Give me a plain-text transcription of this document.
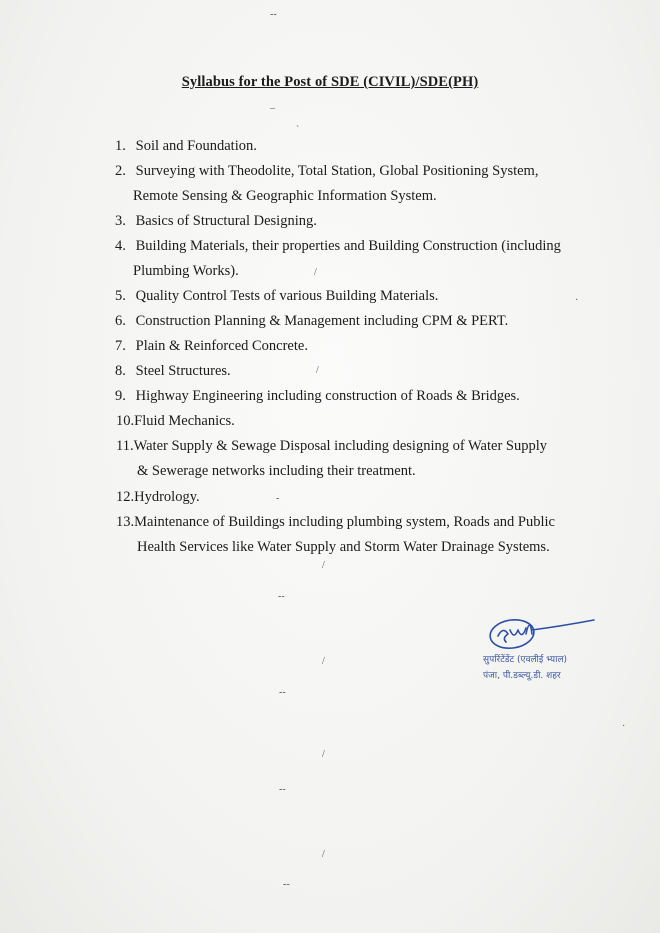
Syllabus for the Post of SDE (CIVIL)/SDE(PH)
1. Soil and Foundation.
2. Surveying with Theodolite, Total Station, Global Positioning System,
Remote Sensing & Geographic Information System.
3. Basics of Structural Designing.
4. Building Materials, their properties and Building Construction (including
Plumbing Works).
5. Quality Control Tests of various Building Materials.
6. Construction Planning & Management including CPM & PERT.
7. Plain & Reinforced Concrete.
8. Steel Structures.
9. Highway Engineering including construction of Roads & Bridges.
10.Fluid Mechanics.
11.Water Supply & Sewage Disposal including designing of Water Supply
& Sewerage networks including their treatment.
12.Hydrology.
13.Maintenance of Buildings including plumbing system, Roads and Public
Health Services like Water Supply and Storm Water Drainage Systems.
--
–
`
/
/
-
/
--
/
--
/
--
/
--
·
·
सुपरिंटेंडेंट (एवलीई भ्याल)
पंजा, पी.डब्ल्यू.डी. शहर
